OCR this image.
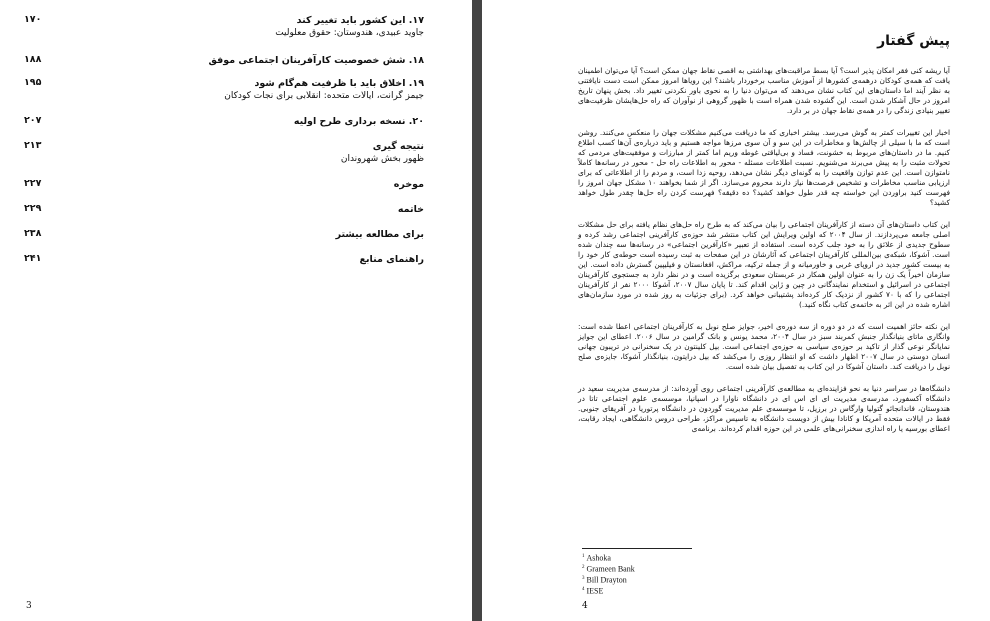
۱۷. این کشور باید تغییر کند
جاوید عبیدی، هندوستان: حقوق معلولیت
۱۷۰
۱۸. شش خصوصیت کارآفرینان اجتماعی موفق
۱۸۸
۱۹. اخلاق باید با ظرفیت هم‌گام شود
جیمز گرانت، ایالات متحده: انقلابی برای نجات کودکان
۱۹۵
۲۰. نسخه برداری طرح اولیه
۲۰۷
نتیجه گیری
ظهور بخش شهروندان
۲۱۳
موخره
۲۲۷
خاتمه
۲۲۹
برای مطالعه بیشتر
۲۳۸
راهنمای منابع
۲۴۱
3
پیش گفتار

آیا ریشه کنی فقر امکان پذیر است؟ آیا بسط مراقبت‌های بهداشتی به اقصی نقاط جهان ممکن است؟ آیا می‌توان اطمینان یافت که همه‌ی کودکان درهمه‌ی کشورها از آموزش مناسب برخوردار باشند؟ این رویاها امروز ممکن است دست نایافتنی به نظر آیند اما داستان‌های این کتاب نشان می‌دهند که می‌توان دنیا را به نحوی باور نکردنی تغییر داد. بخش پنهان تاریخ امروز در حال آشکار شدن است. این گشوده شدن همراه است با ظهور گروهی از نوآوران که راه حل‌هایشان ظرفیت‌های تغییر بنیادی زندگی را در همه‌ی نقاط جهان در بر دارد.

اخبار این تغییرات کمتر به گوش می‌رسد. بیشتر اخباری که ما دریافت می‌کنیم مشکلات جهان را منعکس می‌کنند. روشن است که ما با سیلی از چالش‌ها و مخاطرات در این سو و آن سوی مرزها مواجه هستیم و باید درباره‌ی آن‌ها کسب اطلاع کنیم. ما در داستان‌های مربوط به خشونت، فساد و بی‌لیاقتی غوطه وریم اما کمتر از مبارزات و موفقیت‌های مردمی که تحولات مثبت را به پیش می‌برند می‌شنویم. نسبت اطلاعات مسئله - محور به اطلاعات راه حل - محور در رسانه‌ها کاملاً نامتوازن است. این عدم توازن واقعیت را به گونه‌ای دیگر نشان می‌دهد، روحیه زدا است، و مردم را از اطلاعاتی که برای ارزیابی مناسب مخاطرات و تشخیص فرصت‌ها نیاز دارند محروم می‌سازد. اگر از شما بخواهند ۱۰ مشکل جهان امروز را فهرست کنید براوردن این خواسته چه قدر طول خواهد کشید؟ ده دقیقه؟ فهرست کردن راه حل‌ها چقدر طول خواهد کشید؟

این کتاب داستان‌های آن دسته از کارآفرینان اجتماعی را بیان می‌کند که به طرح راه حل‌های نظام یافته برای حل مشکلات اصلی جامعه می‌پردازند. از سال ۲۰۰۴ که اولین ویرایش این کتاب منتشر شد حوزه‌ی کارآفرینی اجتماعی رشد کرده و سطوح جدیدی از علائق را به خود جلب کرده است. استفاده از تعبیر «کارآفرین اجتماعی» در رسانه‌ها سه چندان شده است. آشوکا، شبکه‌ی بین‌المللی کارآفرینان اجتماعی که آثارشان در این صفحات به ثبت رسیده است حوطه‌ی کار خود را به بیست کشور جدید در اروپای غربی و خاورمیانه و از جمله ترکیه، مراکش، افغانستان و فیلیپین گسترش داده است. این سازمان اخیراً یک زن را به عنوان اولین همکار در عربستان سعودی برگزیده است و در نظر دارد به جستجوی کارآفرینان اجتماعی در اسرائیل و استخدام نمایندگانی در چین و ژاپن اقدام کند. تا پایان سال ۲۰۰۷، آشوکا ۲۰۰۰ نفر از کارآفرینان اجتماعی را که با ۷۰ کشور از نزدیک کار کرده‌اند پشتیبانی خواهد کرد. (برای جزئیات به روز شده در مورد سازمان‌های اشاره شده در این اثر به خاتمه‌ی کتاب نگاه کنید.)

این نکته حائز اهمیت است که در دو دوره از سه دوره‌ی اخیر، جوایز صلح نوبل به کارآفرینان اجتماعی اعطا شده است: وانگاری ماتای بنیانگذار جنبش کمربند سبز در سال ۲۰۰۴، محمد یونس و بانک گرامین در سال ۲۰۰۶. اعطای این جوایز نمایانگر نوعی گذار از تاکید بر حوزه‌ی سیاسی به حوزه‌ی اجتماعی است. بیل کلینتون در یک سخنرانی در تریبون جهانی انسان دوستی در سال ۲۰۰۷ اظهار داشت که او انتظار روزی را می‌کشد که بیل درایتون، بنیانگذار آشوکا، جایزه‌ی صلح نوبل را دریافت کند. داستان آشوکا در این کتاب به تفصیل بیان شده است.

دانشگاه‌ها در سراسر دنیا به نحو فزاینده‌ای به مطالعه‌ی کارآفرینی اجتماعی روی آورده‌اند: از مدرسه‌ی مدیریت سعید در دانشگاه آکسفورد، مدرسه‌ی مدیریت ای ای اس ای در دانشگاه ناوارا در اسپانیا، موسسه‌ی علوم اجتماعی تاتا در هندوستان، فاندانجائو گتولیا وارگاس در برزیل، تا موسسه‌ی علم مدیریت گوردون در دانشگاه پرتوریا در آفریقای جنوبی. فقط در ایالات متحده آمریکا و کانادا بیش از دویست دانشگاه به تاسیس مراکز، طراحی دروس دانشگاهی، ایجاد رقابت، اعطای بورسیه یا راه اندازی سخنرانی‌های علمی در این حوزه اقدام کرده‌اند. برنامه‌ی

$^1$ Ashoka
$^2$ Grameen Bank
$^3$ Bill Drayton
$^4$ IESE
4
